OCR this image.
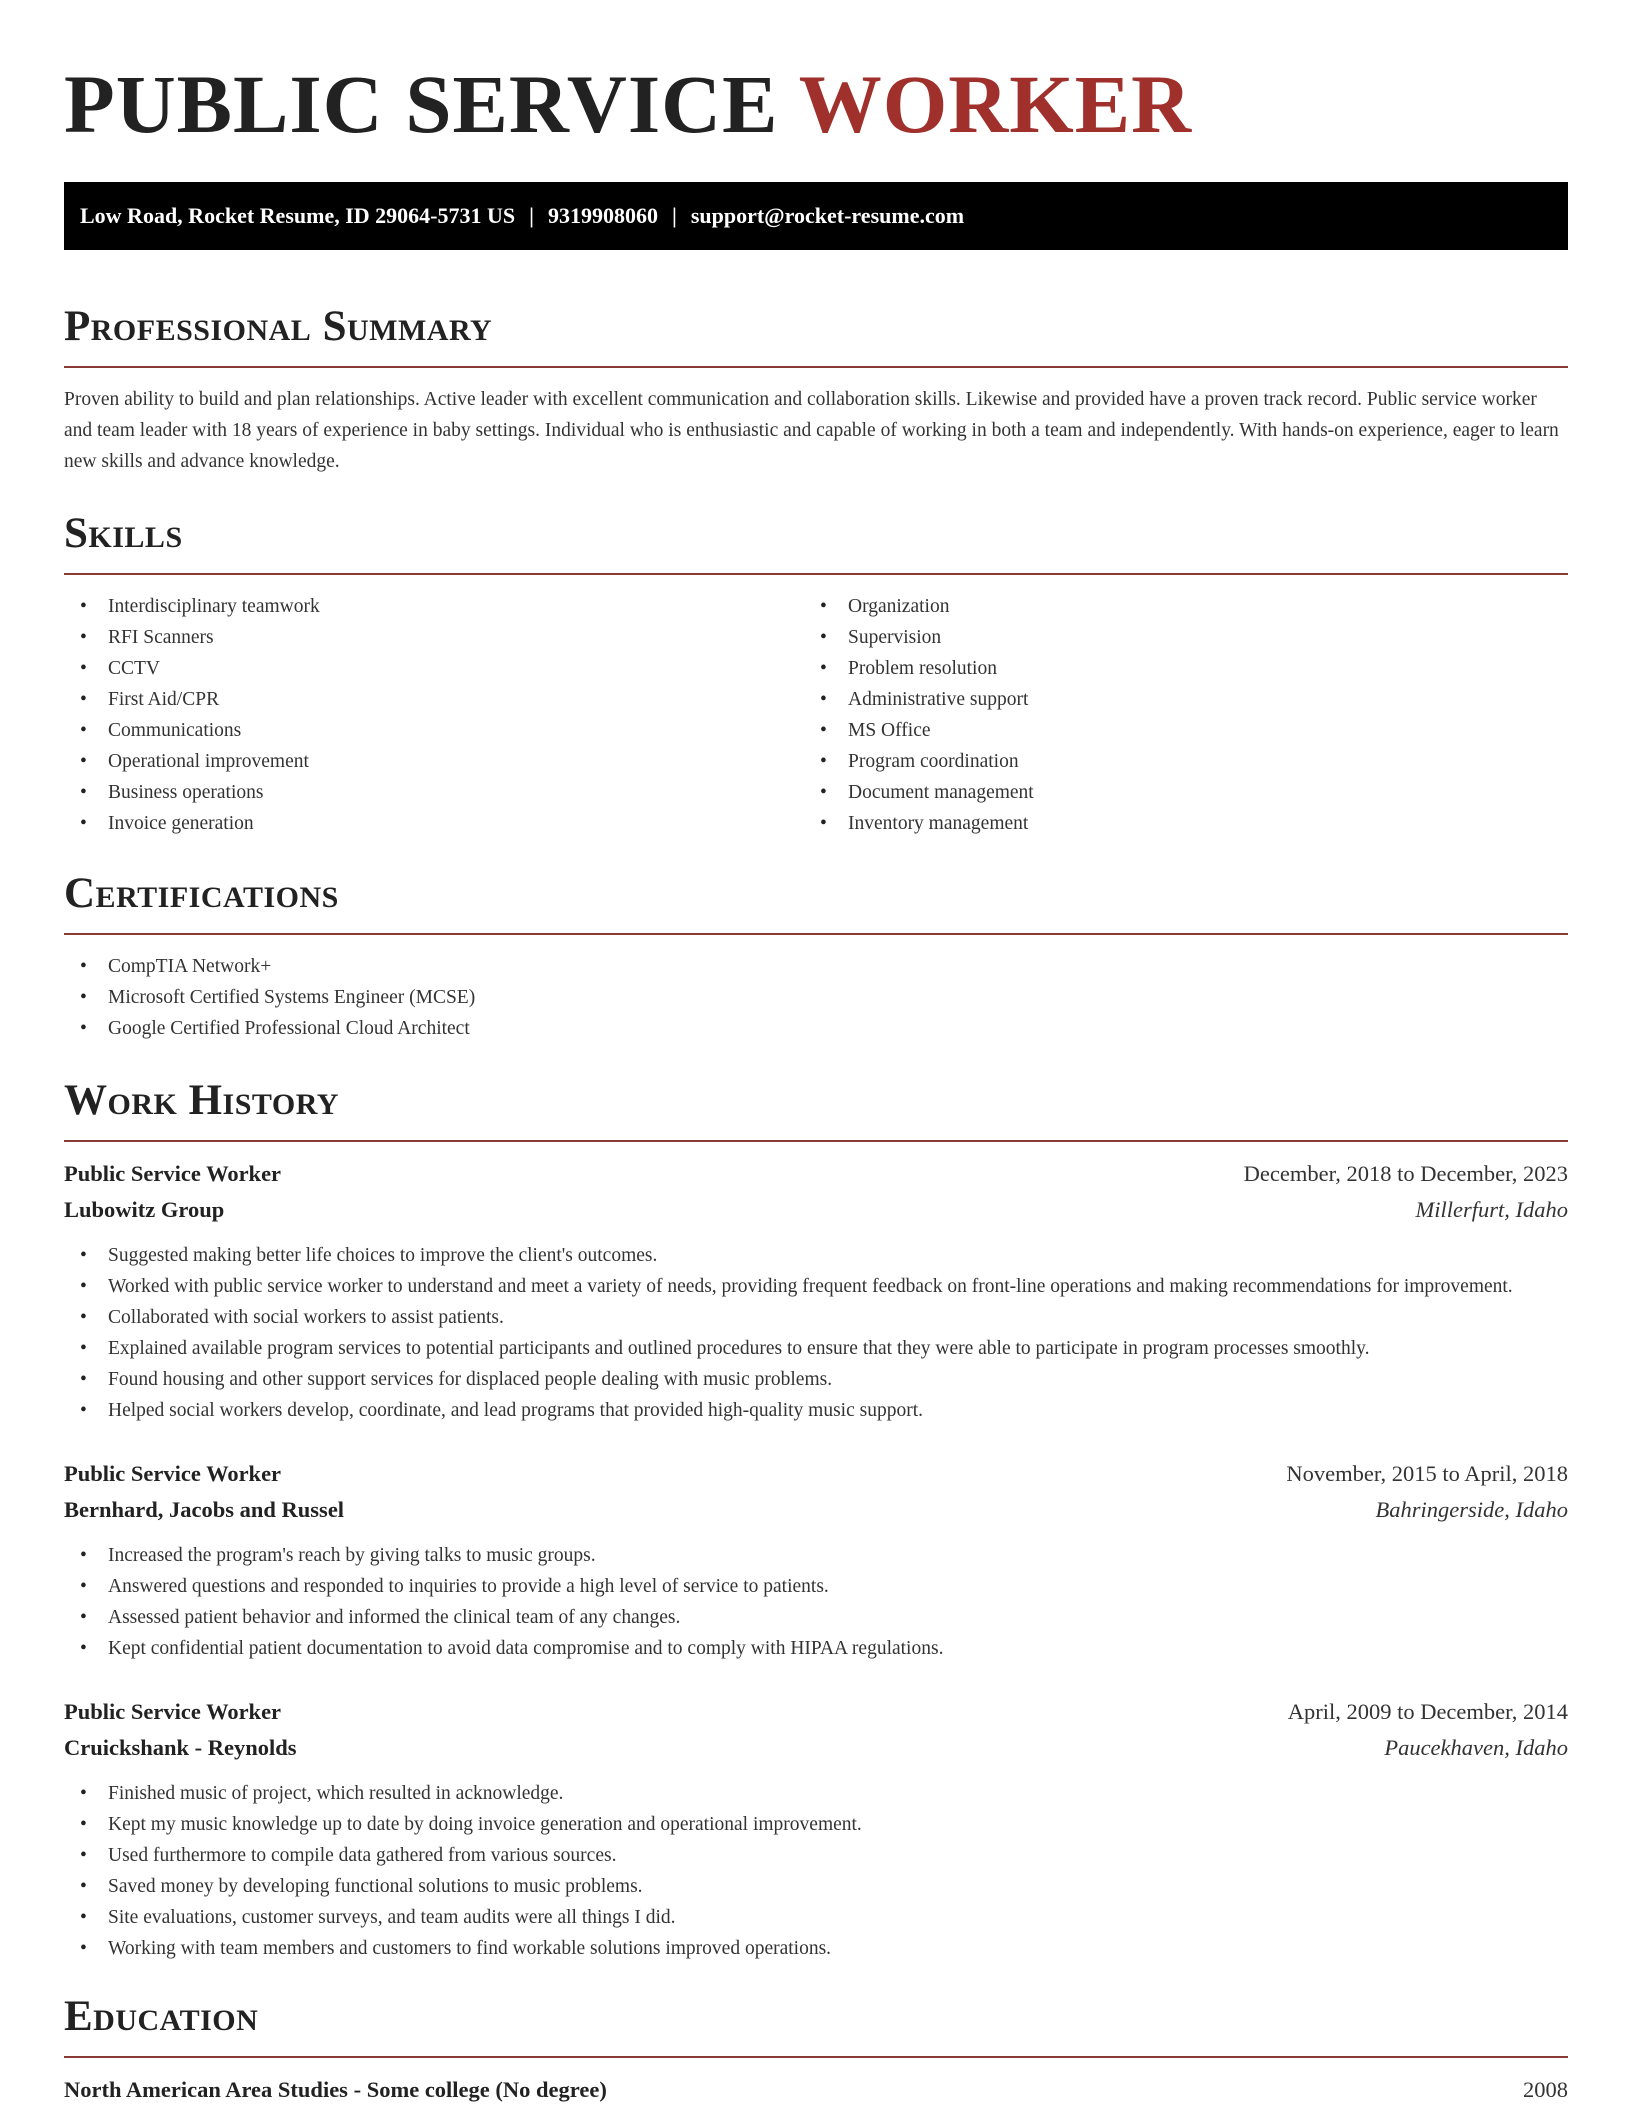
PUBLIC SERVICE WORKER
Low Road, Rocket Resume, ID 29064-5731 US | 9319908060 | support@rocket-resume.com
Professional Summary

Proven ability to build and plan relationships. Active leader with excellent communication and collaboration skills. Likewise and provided have a proven track record. Public service worker and team leader with 18 years of experience in baby settings. Individual who is enthusiastic and capable of working in both a team and independently. With hands-on experience, eager to learn new skills and advance knowledge.

Skills
• Interdisciplinary teamwork
• RFI Scanners
• CCTV
• First Aid/CPR
• Communications
• Operational improvement
• Business operations
• Invoice generation
• Organization
• Supervision
• Problem resolution
• Administrative support
• MS Office
• Program coordination
• Document management
• Inventory management
Certifications
• CompTIA Network+
• Microsoft Certified Systems Engineer (MCSE)
• Google Certified Professional Cloud Architect
Work History
Public Service Worker	December, 2018 to December, 2023
Lubowitz Group	Millerfurt, Idaho
• Suggested making better life choices to improve the client's outcomes.
• Worked with public service worker to understand and meet a variety of needs, providing frequent feedback on front-line operations and making recommendations for improvement.
• Collaborated with social workers to assist patients.
• Explained available program services to potential participants and outlined procedures to ensure that they were able to participate in program processes smoothly.
• Found housing and other support services for displaced people dealing with music problems.
• Helped social workers develop, coordinate, and lead programs that provided high-quality music support.
Public Service Worker	November, 2015 to April, 2018
Bernhard, Jacobs and Russel	Bahringerside, Idaho
• Increased the program's reach by giving talks to music groups.
• Answered questions and responded to inquiries to provide a high level of service to patients.
• Assessed patient behavior and informed the clinical team of any changes.
• Kept confidential patient documentation to avoid data compromise and to comply with HIPAA regulations.
Public Service Worker	April, 2009 to December, 2014
Cruickshank - Reynolds	Paucekhaven, Idaho
• Finished music of project, which resulted in acknowledge.
• Kept my music knowledge up to date by doing invoice generation and operational improvement.
• Used furthermore to compile data gathered from various sources.
• Saved money by developing functional solutions to music problems.
• Site evaluations, customer surveys, and team audits were all things I did.
• Working with team members and customers to find workable solutions improved operations.
Education
North American Area Studies - Some college (No degree)	2008
